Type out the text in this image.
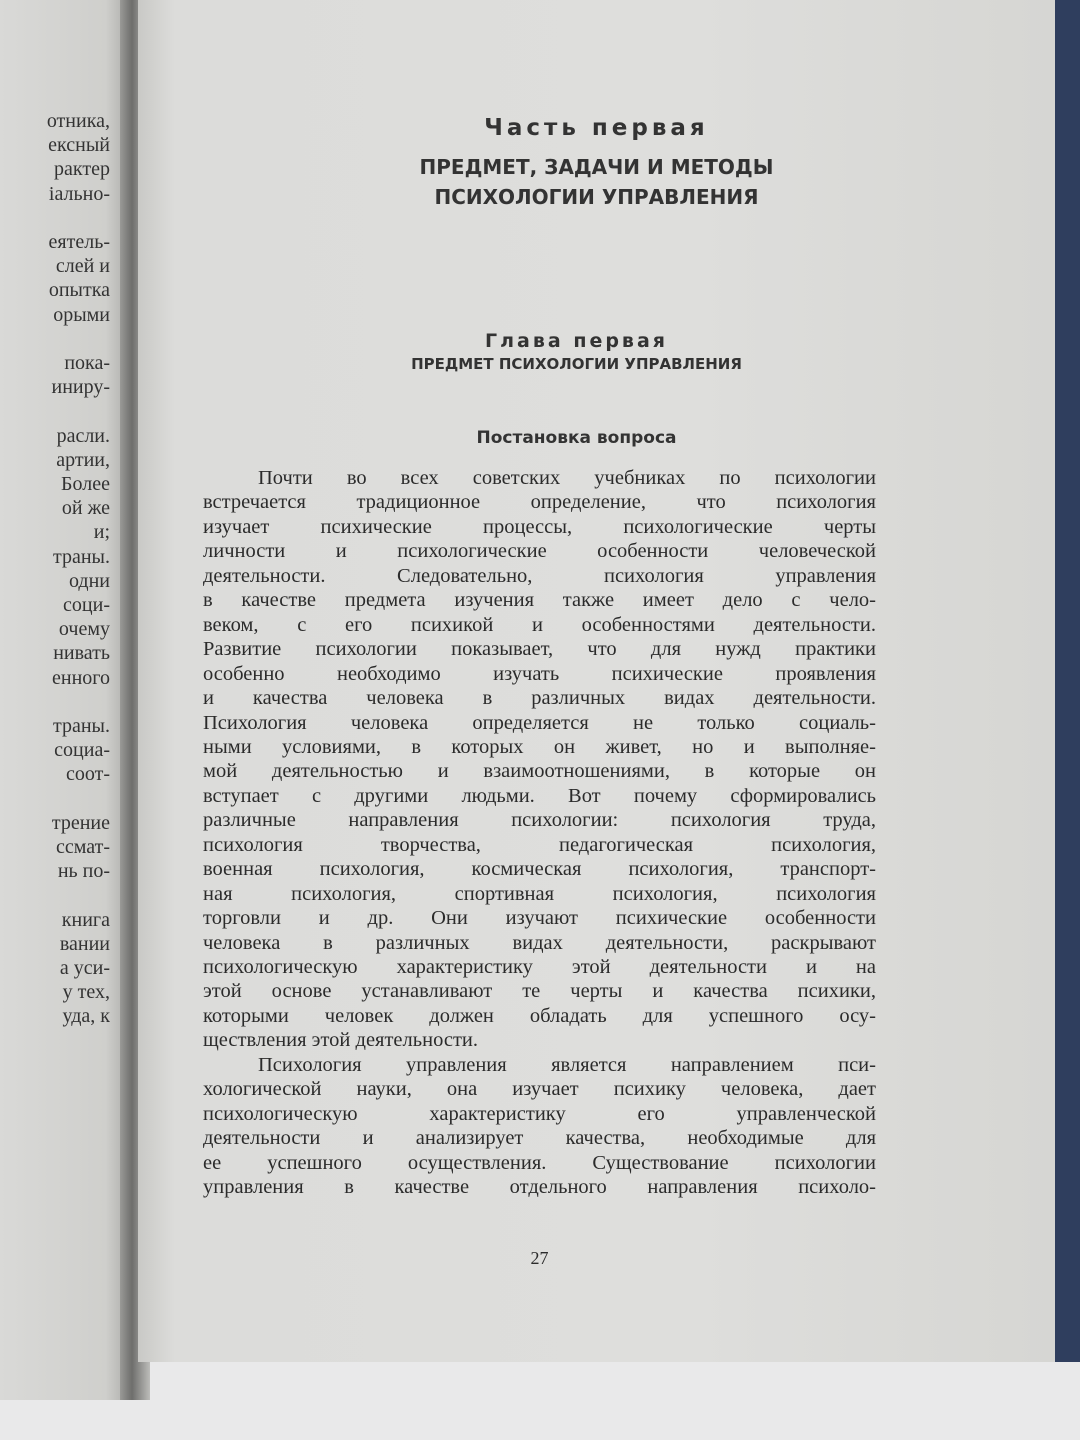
отника,
ексный
рактер
іально-
еятель-
слей и
опытка
орыми
пока-
иниру-
расли.
артии,
Более
ой же
и;
траны.
одни
соци-
очему
нивать
енного
траны.
социа-
соот-
трение
ссмат-
нь по-
книга
вании
а уси-
у тех,
уда, к
Часть первая
ПРЕДМЕТ, ЗАДАЧИ И МЕТОДЫ
ПСИХОЛОГИИ УПРАВЛЕНИЯ
Глава первая
ПРЕДМЕТ ПСИХОЛОГИИ УПРАВЛЕНИЯ
Постановка вопроса
27
Почти во всех советских учебниках по психологии
встречается традиционное определение, что психология
изучает психические процессы, психологические черты
личности и психологические особенности человеческой
деятельности. Следовательно, психология управления
в качестве предмета изучения также имеет дело с чело-
веком, с его психикой и особенностями деятельности.
Развитие психологии показывает, что для нужд практики
особенно необходимо изучать психические проявления
и качества человека в различных видах деятельности.
Психология человека определяется не только социаль-
ными условиями, в которых он живет, но и выполняе-
мой деятельностью и взаимоотношениями, в которые он
вступает с другими людьми. Вот почему сформировались
различные направления психологии: психология труда,
психология творчества, педагогическая психология,
военная психология, космическая психология, транспорт-
ная психология, спортивная психология, психология
торговли и др. Они изучают психические особенности
человека в различных видах деятельности, раскрывают
психологическую характеристику этой деятельности и на
этой основе устанавливают те черты и качества психики,
которыми человек должен обладать для успешного осу-
ществления этой деятельности.
Психология управления является направлением пси-
хологической науки, она изучает психику человека, дает
психологическую характеристику его управленческой
деятельности и анализирует качества, необходимые для
ее успешного осуществления. Существование психологии
управления в качестве отдельного направления психоло-
